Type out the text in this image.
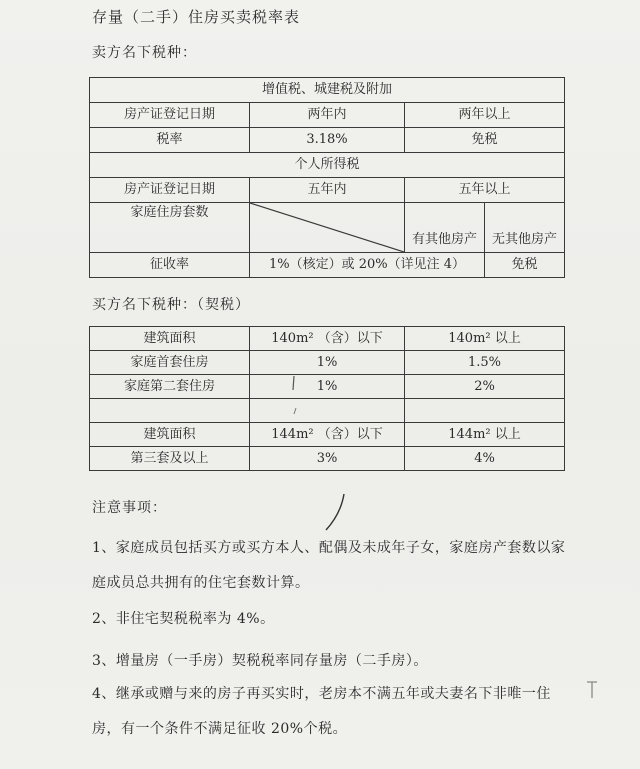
存量（二手）住房买卖税率表
卖方名下税种：
增值税、城建税及附加			
房产证登记日期	两年内	两年以上	
税率	3.18%	免税	
个人所得税			
房产证登记日期	五年内	五年以上	
家庭住房套数		有其他房产	无其他房产
征收率	1%（核定）或 20%（详见注 4）		免税
买方名下税种：（契税）
建筑面积	140m² （含）以下	140m² 以上
家庭首套住房	1%	1.5%
家庭第二套住房	1%	2%

建筑面积	144m² （含）以下	144m² 以上
第三套及以上	3%	4%
注意事项：
1、家庭成员包括买方或买方本人、配偶及未成年子女，家庭房产套数以家庭成员总共拥有的住宅套数计算。
2、非住宅契税税率为 4%。
3、增量房（一手房）契税税率同存量房（二手房）。
4、继承或赠与来的房子再买实时，老房本不满五年或夫妻名下非唯一住房，有一个条件不满足征收 20%个税。
